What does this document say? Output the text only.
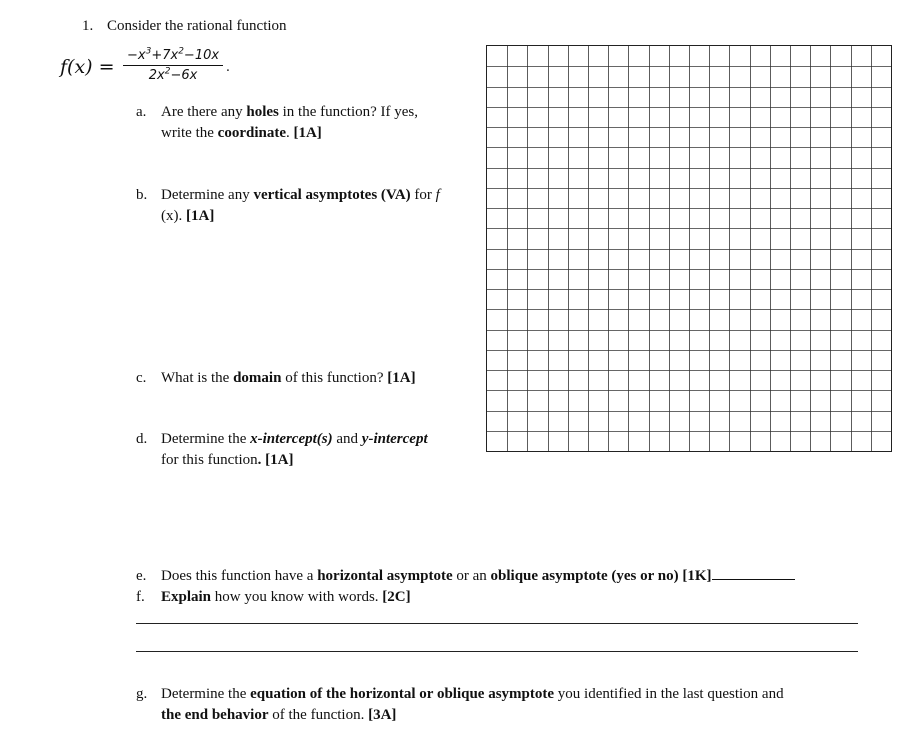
1. Consider the rational function
f(x) =
$-x^3+7x^2-10x$
$2x^2-6x$
.
a. Are there any holes in the function? If yes,
write the coordinate. [1A]
b. Determine any vertical asymptotes (VA) for f
(x). [1A]
c. What is the domain of this function? [1A]
d. Determine the x-intercept(s) and y-intercept
for this function. [1A]
e. Does this function have a horizontal asymptote or an oblique asymptote (yes or no) [1K]
f.	Explain how you know with words. [2C]
g. Determine the equation of the horizontal or oblique asymptote you identified in the last question and
the end behavior of the function. [3A]
